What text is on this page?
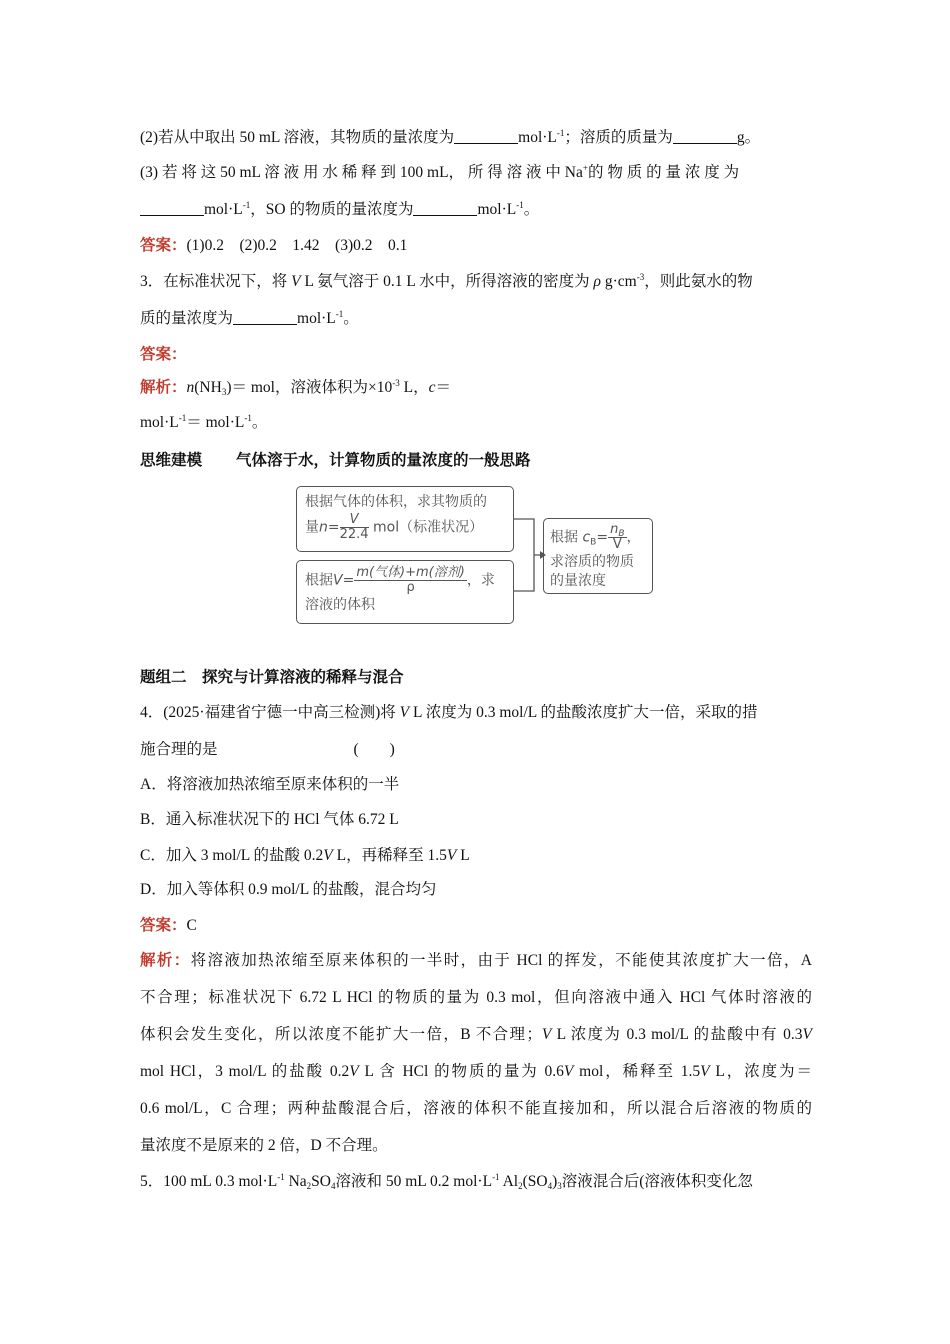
(2)若从中取出 50 mL 溶液，其物质的量浓度为	$mol\cdot L^{-1}$；溶质的质量为	g。
(3) 若 将 这 50 mL 溶 液 用 水 稀 释 到 100 mL， 所 得 溶 液 中 Na+的 物 质 的 量 浓 度 为
$mol\cdot L^{-1}$，SO 的物质的量浓度为	$mol\cdot L^{-1}$。
答案：(1)0.2　(2)0.2　1.42　(3)0.2　0.1
3．在标准状况下，将 V L 氨气溶于 0.1 L 水中，所得溶液的密度为 ρ $g\cdot cm^{-3}$，则此氨水的物
质的量浓度为	$mol\cdot L^{-1}$。
答案：
解析：$n(NH_3)=$ mol，溶液体积为$\times 10^{-3}$ L，c＝
$mol\cdot L^{-1}= mol\cdot L^{-1}$。
思维建模 气体溶于水，计算物质的量浓度的一般思路
根据气体的体积，求其物质的
量$n= \frac{V}{22.4} mol$（标准状况）
根据$V= \frac{\text{m(气体)+m(溶剂)}}{\rho}$ ，求
溶液的体积
根据 $c_B= \frac{n_B}{V}$ ，
求溶质的物质
的量浓度
题组二　探究与计算溶液的稀释与混合
4．(2025·福建省宁德一中高三检测)将 V L 浓度为 0.3 mol/L 的盐酸浓度扩大一倍，采取的措
施合理的是	(　　)
A．将溶液加热浓缩至原来体积的一半
B．通入标准状况下的 HCl 气体 6.72 L
C．加入 3 mol/L 的盐酸 0.2V L，再稀释至 1.5V L
D．加入等体积 0.9 mol/L 的盐酸，混合均匀
答案：C
解析：将溶液加热浓缩至原来体积的一半时，由于 HCl 的挥发，不能使其浓度扩大一倍，A
不合理；标准状况下 6.72 L HCl 的物质的量为 0.3 mol，但向溶液中通入 HCl 气体时溶液的
体积会发生变化，所以浓度不能扩大一倍，B 不合理；V L 浓度为 0.3 mol/L 的盐酸中有 0.3V
mol HCl，3 mol/L 的盐酸 0.2V L 含 HCl 的物质的量为 0.6V mol，稀释至 1.5V L，浓度为＝
0.6 mol/L，C 合理；两种盐酸混合后，溶液的体积不能直接加和，所以混合后溶液的物质的
量浓度不是原来的 2 倍，D 不合理。
5．100 mL 0.3 $mol\cdot L^{-1}$ $Na_2SO_4$溶液和 50 mL 0.2 $mol\cdot L^{-1}$ $Al_2(SO_4)_3$溶液混合后(溶液体积变化忽
